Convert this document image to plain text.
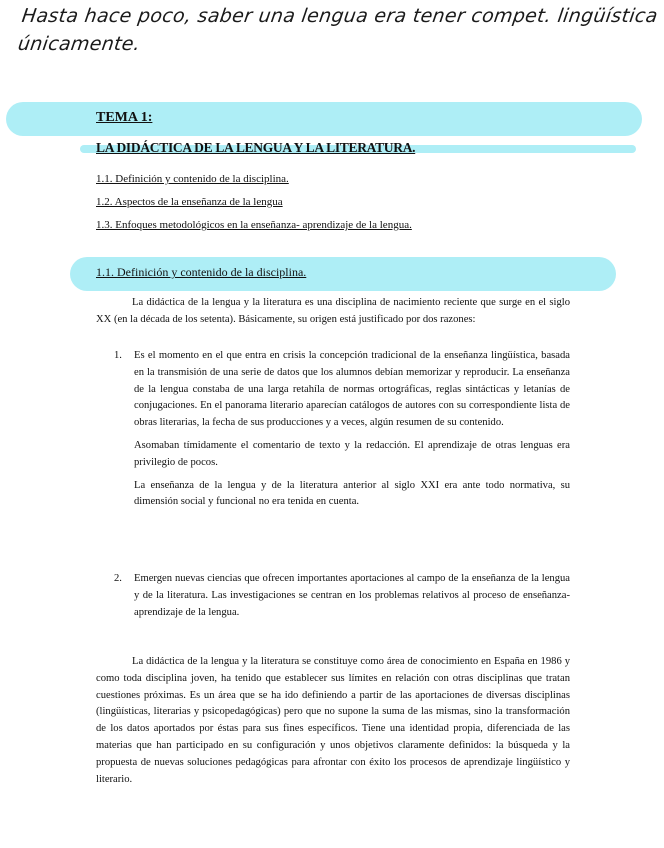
Hasta hace poco, saber una lengua era tener compet. lingüística únicamente.
TEMA 1:
LA DIDÁCTICA DE LA LENGUA Y LA LITERATURA.
1.1. Definición y contenido de la disciplina.
1.2. Aspectos de la enseñanza de la lengua
1.3. Enfoques metodológicos en la enseñanza- aprendizaje de la lengua.
1.1. Definición y contenido de la disciplina.

La didáctica de la lengua y la literatura es una disciplina de nacimiento reciente que surge en el siglo XX (en la década de los setenta). Básicamente, su origen está justificado por dos razones:

1. Es el momento en el que entra en crisis la concepción tradicional de la enseñanza lingüística, basada en la transmisión de una serie de datos que los alumnos debían memorizar y reproducir. La enseñanza de la lengua constaba de una larga retahíla de normas ortográficas, reglas sintácticas y letanías de conjugaciones. En el panorama literario aparecían catálogos de autores con su correspondiente lista de obras literarias, la fecha de sus producciones y a veces, algún resumen de su contenido.

Asomaban tímidamente el comentario de texto y la redacción. El aprendizaje de otras lenguas era privilegio de pocos.

La enseñanza de la lengua y de la literatura anterior al siglo XXI era ante todo normativa, su dimensión social y funcional no era tenida en cuenta.

2. Emergen nuevas ciencias que ofrecen importantes aportaciones al campo de la enseñanza de la lengua y de la literatura. Las investigaciones se centran en los problemas relativos al proceso de enseñanza-aprendizaje de la lengua.

La didáctica de la lengua y la literatura se constituye como área de conocimiento en España en 1986 y como toda disciplina joven, ha tenido que establecer sus límites en relación con otras disciplinas que tratan cuestiones próximas. Es un área que se ha ido definiendo a partir de las aportaciones de diversas disciplinas (lingüísticas, literarias y psicopedagógicas) pero que no supone la suma de las mismas, sino la transformación de los datos aportados por éstas para sus fines específicos. Tiene una identidad propia, diferenciada de las materias que han participado en su configuración y unos objetivos claramente definidos: la búsqueda y la propuesta de nuevas soluciones pedagógicas para afrontar con éxito los procesos de aprendizaje lingüístico y literario.
